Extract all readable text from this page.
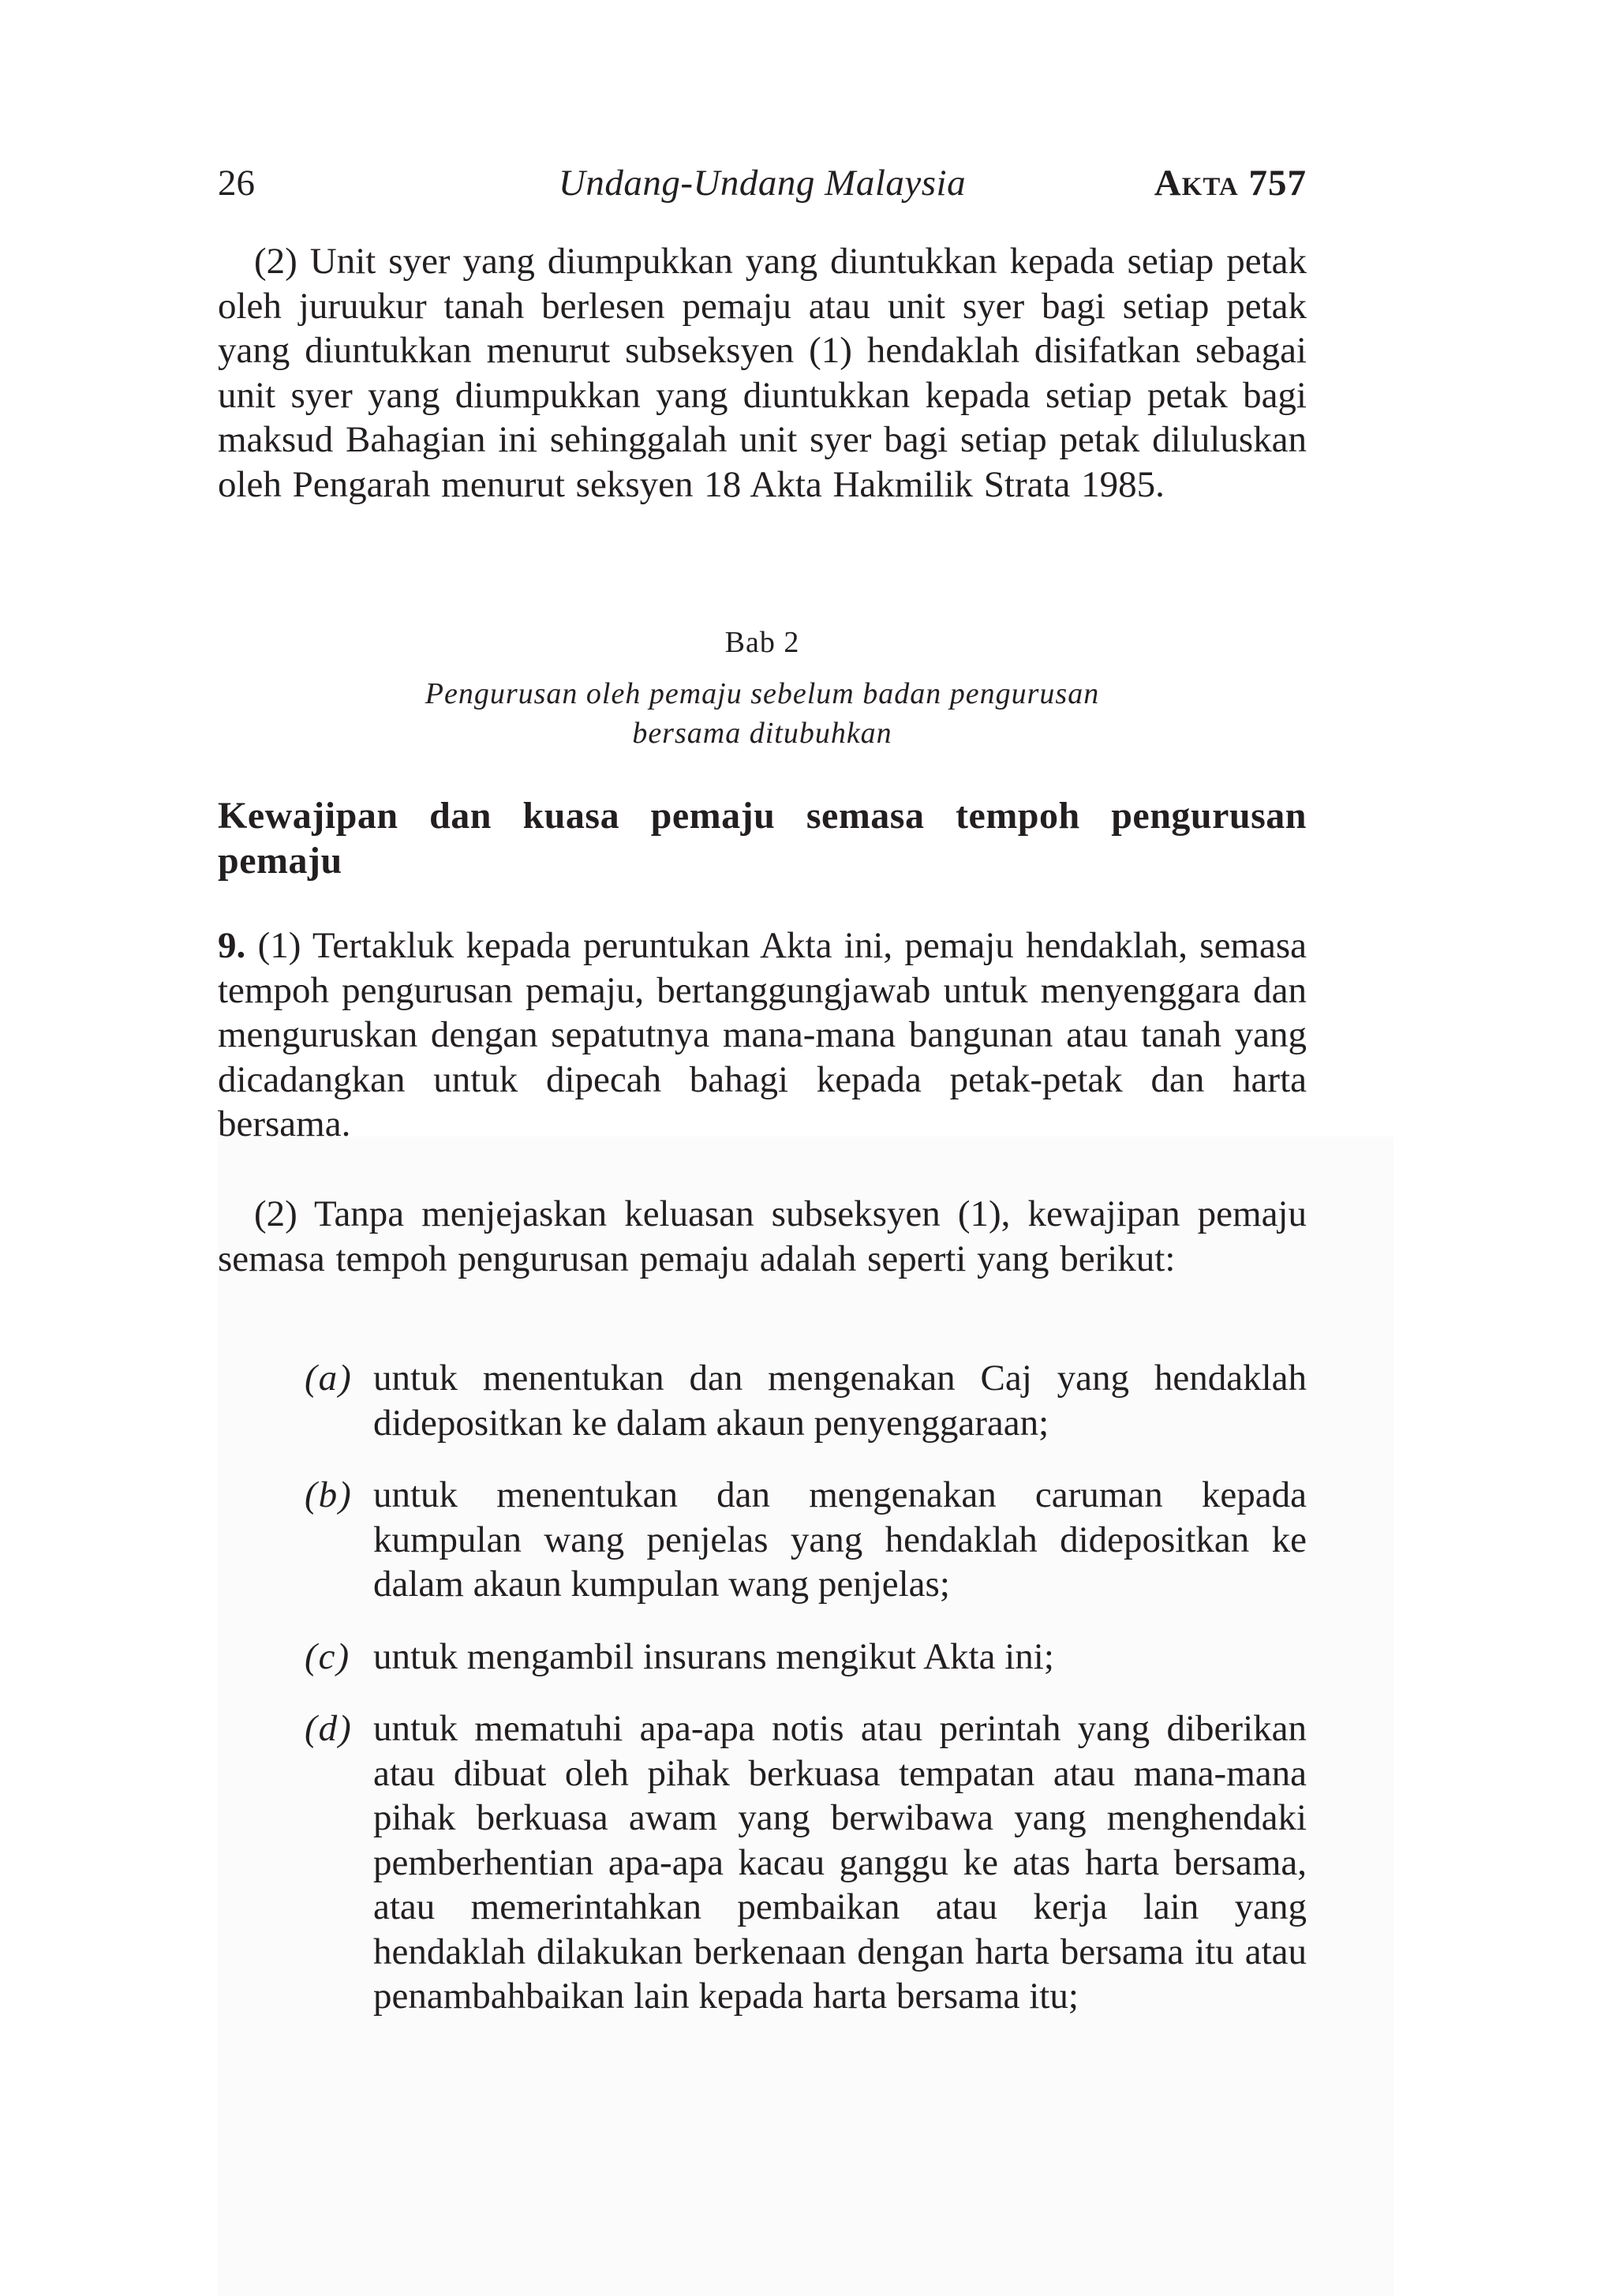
26	Undang-Undang Malaysia	Akta 757

(2) Unit syer yang diumpukkan yang diuntukkan kepada setiap petak oleh juruukur tanah berlesen pemaju atau unit syer bagi setiap petak yang diuntukkan menurut subseksyen (1) hendaklah disifatkan sebagai unit syer yang diumpukkan yang diuntukkan kepada setiap petak bagi maksud Bahagian ini sehinggalah unit syer bagi setiap petak diluluskan oleh Pengarah menurut seksyen 18 Akta Hakmilik Strata 1985.

Bab 2

Pengurusan oleh pemaju sebelum badan pengurusan
bersama ditubuhkan

Kewajipan dan kuasa pemaju semasa tempoh pengurusan pemaju

9. (1) Tertakluk kepada peruntukan Akta ini, pemaju hendaklah, semasa tempoh pengurusan pemaju, bertanggungjawab untuk menyenggara dan menguruskan dengan sepatutnya mana-mana bangunan atau tanah yang dicadangkan untuk dipecah bahagi kepada petak-petak dan harta bersama.

(2) Tanpa menjejaskan keluasan subseksyen (1), kewajipan pemaju semasa tempoh pengurusan pemaju adalah seperti yang berikut:

(a) untuk menentukan dan mengenakan Caj yang hendaklah didepositkan ke dalam akaun penyenggaraan;

(b) untuk menentukan dan mengenakan caruman kepada kumpulan wang penjelas yang hendaklah didepositkan ke dalam akaun kumpulan wang penjelas;

(c) untuk mengambil insurans mengikut Akta ini;

(d) untuk mematuhi apa-apa notis atau perintah yang diberikan atau dibuat oleh pihak berkuasa tempatan atau mana-mana pihak berkuasa awam yang berwibawa yang menghendaki pemberhentian apa-apa kacau ganggu ke atas harta bersama, atau memerintahkan pembaikan atau kerja lain yang hendaklah dilakukan berkenaan dengan harta bersama itu atau penambahbaikan lain kepada harta bersama itu;
